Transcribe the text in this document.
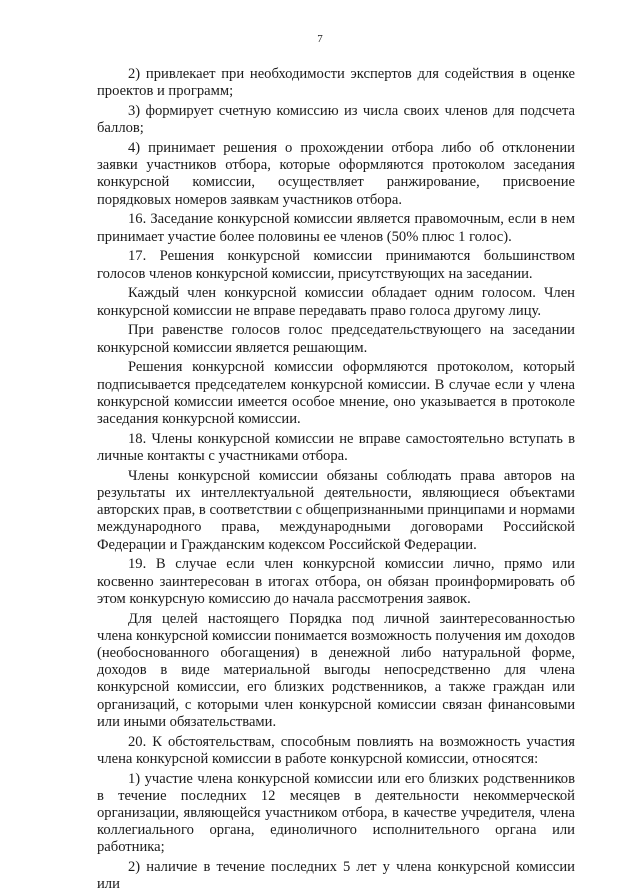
7

2) привлекает при необходимости экспертов для содействия в оценке проектов и программ;

3) формирует счетную комиссию из числа своих членов для подсчета баллов;

4) принимает решения о прохождении отбора либо об отклонении заявки участников отбора, которые оформляются протоколом заседания конкурсной комиссии, осуществляет ранжирование, присвоение порядковых номеров заявкам участников отбора.

16. Заседание конкурсной комиссии является правомочным, если в нем принимает участие более половины ее членов (50% плюс 1 голос).

17. Решения конкурсной комиссии принимаются большинством голосов членов конкурсной комиссии, присутствующих на заседании.

Каждый член конкурсной комиссии обладает одним голосом. Член конкурсной комиссии не вправе передавать право голоса другому лицу.

При равенстве голосов голос председательствующего на заседании конкурсной комиссии является решающим.

Решения конкурсной комиссии оформляются протоколом, который подписывается председателем конкурсной комиссии. В случае если у члена конкурсной комиссии имеется особое мнение, оно указывается в протоколе заседания конкурсной комиссии.

18. Члены конкурсной комиссии не вправе самостоятельно вступать в личные контакты с участниками отбора.

Члены конкурсной комиссии обязаны соблюдать права авторов на результаты их интеллектуальной деятельности, являющиеся объектами авторских прав, в соответствии с общепризнанными принципами и нормами международного права, международными договорами Российской Федерации и Гражданским кодексом Российской Федерации.

19. В случае если член конкурсной комиссии лично, прямо или косвенно заинтересован в итогах отбора, он обязан проинформировать об этом конкурсную комиссию до начала рассмотрения заявок.

Для целей настоящего Порядка под личной заинтересованностью члена конкурсной комиссии понимается возможность получения им доходов (необоснованного обогащения) в денежной либо натуральной форме, доходов в виде материальной выгоды непосредственно для члена конкурсной комиссии, его близких родственников, а также граждан или организаций, с которыми член конкурсной комиссии связан финансовыми или иными обязательствами.

20. К обстоятельствам, способным повлиять на возможность участия члена конкурсной комиссии в работе конкурсной комиссии, относятся:

1) участие члена конкурсной комиссии или его близких родственников в течение последних 12 месяцев в деятельности некоммерческой организации, являющейся участником отбора, в качестве учредителя, члена коллегиального органа, единоличного исполнительного органа или работника;

2) наличие в течение последних 5 лет у члена конкурсной комиссии или
